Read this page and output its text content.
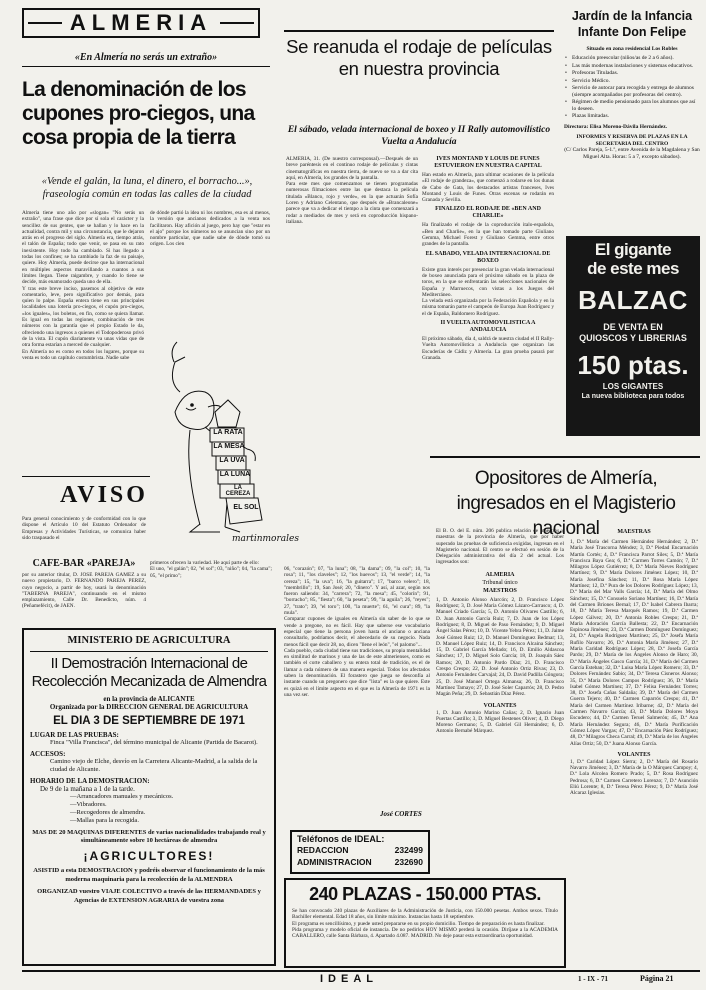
ALMERIA
«En Almería no serás un extraño»
La denominación de los cupones pro-ciegos, una cosa propia de la tierra
«Vende el galán, la luna, el dinero, el borracho...», fraseología común en todas las calles de la ciudad
Almería tiene uno año por «slogan» "No serás un extraño", una frase que dice por sí sola el carácter y la sencillez de sus gentes, que se hallan y lo hace en la actualidad, contra mil y una circunstancia, que le dejaron atrás en el progreso del siglo. Almería era, tiempo atrás, el talón de España; todo que venir, se pasa en su rato inexistente. Hoy todo ha cambiado. Si has llegado a todas los confines; se ha cambiado la faz de su paisaje, quiere. Hoy Almería, puede decirse que ha internacional en múltiples aspectos maravillando a cuantos a sus límites llegan. Tiene raigambre, y cuando lo tiene se decide, más enamorado queda uno de ella.
Y tras este breve inciso, pasemos al objetivo de este comentario, leve, pero significativo por demás, para quien lo palpe. España entera tiene en sus principales localidades una lotería pro-ciegos, el cupón pro-ciegos, «los iguales», los boletos, en fin, como se quiera llamar. Es igual en todas las regiones, combinación de tres números con la garantía que el propio Estado le da, ofreciendo una ingresos a quienes el Todopoderoso privó de la vista. El cupón diariamente va unas vidas que de otra forma estarían a merced de cualquier.
En Almería no es como en todos los lugares, porque su venta es todo un capítulo costumbrista. Nadie sabe
de dónde partió la idea ni los nombres, esa es al menos, la versión que ancianos dedicados a la venta nos facilitaron. Hay afición al juego, pero hay que "estar en el ajo" porque los números no se anuncian sino por un nombre particular, que nadie sabe de dónde tomó su origen. Los cien
LA RATA
LA MESA
LA UVA
LA LUNA
LA CEREZA
EL SOL
martinmorales
AVISO
Para general conocimiento y de conformidad con lo que dispone el Artículo 10 del Estatuto Ordenador de Empresas y Actividades Turísticas, se comunica haber sido traspasado el
CAFE-BAR «PAREJA»
por su anterior titular, D. JOSE PAREJA GAMEZ a su nuevo propietario, D. FERNANDO PAREJA PEREZ, cuyo negocio, a partir de hoy, usará la denominación "TABERNA PAREJA", continuando en el mismo emplazamiento, Calle Dr. Benedicto, núm. 4 (Peñamefécit), de JAEN.
primeros ofrecen la variedad. He aquí parte de ello:
El uno, "el galán"; 02, "el sol"; 03, "niño"; 04, "la cama"; 05, "el primo";
MINISTERIO DE AGRICULTURA
II Demostración Internacional de Recolección Mecanizada de Almendra
en la provincia de ALICANTE
Organizada por la DIRECCION GENERAL DE AGRICULTURA
EL DIA 3 DE SEPTIEMBRE DE 1971
LUGAR DE LAS PRUEBAS:
Finca "Villa Francisca", del término municipal de Alicante (Partida de Bacarot).
ACCESOS:
Camino viejo de Elche, desvío en la Carretera Alicante-Madrid, a la salida de la ciudad de Alicante.
HORARIO DE LA DEMOSTRACION:
De 9 de la mañana a 1 de la tarde.
—Arrancadores manuales y mecánicos.
—Vibradores.
—Recogedores de almendra.
—Mallas para la recogida.
MAS DE 20 MAQUINAS DIFERENTES de varias nacionalidades trabajando real y simultáneamente sobre 10 hectáreas de almendra
¡AGRICULTORES!
ASISTID a esta DEMOSTRACION y podréis observar el funcionamiento de la más moderna maquinaria para la recolección de la ALMENDRA
ORGANIZAD vuestro VIAJE COLECTIVO a través de las HERMANDADES y Agencias de EXTENSION AGRARIA de vuestra zona
Se reanuda el rodaje de películas en nuestra provincia
El sábado, velada internacional de boxeo y II Rally automovilístico Vuelta a Andalucía
ALMERIA, 31. (De nuestro corresponsal).—Después de un breve paréntesis en el continuo rodaje de películas y cintas cinematográficas en nuestra tierra, de nuevo se va a dar cita aquí, en Almería, los grandes de la pantalla.
Para este mes que comenzamos se tienen programadas numerosas filmaciones entre las que destaca la película titulada «Blanco, rojo y verde», en la que actuarán Sofía Loren y Adriano Celentano, que después de «Brancaleone» parece que va a dedicar el tiempo a la cinta que comenzará a rodar a mediados de mes y será en coproducción hispano-italiana.
IVES MONTAND Y LOUIS DE FUNES ESTUVIERON EN NUESTRA CAPITAL
Han estado en Almería, para ultimar ocasiones de la película «El rodaje de grandeza», que comenzó a rodarse en los dunas de Cabo de Gata, los destacados artistas franceses, Ives Montand y Louis de Funes. Otras escenas se rodarán en Granada y Sevilla.
FINALIZO EL RODAJE DE «BEN AND CHARLIE»
Ha finalizado el rodaje de la coproducción italo-española, «Ben and Charlie», en la que han tomado parte Giuliano Gemma, Michael Forest y Giuliano Gemma, entre otros grandes de la pantalla.
EL SABADO, VELADA INTERNACIONAL DE BOXEO
Existe gran interés por presenciar la gran velada internacional de boxeo anunciada para el próximo sábado en la plaza de toros, en la que se enfrentarán las selecciones nacionales de España y Marruecos, con vistas a los Juegos del Mediterráneo.
La velada está organizada por la Federación Española y en la misma tomarán parte el campeón de Europa Juan Rodríguez y el de España, Baldomero Rodríguez.
II VUELTA AUTOMOVILISTICA A ANDALUCIA
El próximo sábado, día 4, saldrá de nuestra ciudad el II Rally-Vuelta Automovilística a Andalucía que organizan las Escuderías de Cádiz y Almería. La gran prueba pasará por Granada.
06, "corazón"; 07, "la luna"; 08, "la dama"; 09, "la col"; 10, "la rosa"; 11, "los claveles"; 12, "los huevos"; 13, "el verde"; 14, "la cereza"; 15, "la uva"; 16, "la guitarra"; 17, "barco velero"; 18, "membrillo"; 19, San José; 20, "dinero". Y así, al azar, según nos fueron saliendo: 34, "carrera"; 72, "la mesa"; 45, "colorín"; 91, "borracho"; 85, "fiesta"; 60, "la peseta"; 99, "la aguila"; 26, "reyes"; 27, "trato"; 39, "el toro"; 100, "la muerte"; 61, "el cura"; 89, "la mula".
Comparar cupones de iguales en Almería sin saber de lo que se vende a pregone, no es fácil. Hay que saberse ese vocabulario especial que tiene la persona joven hasta el anciano o anciana consultarlo, podríamos decir, el abecedario de su negocio. Nada menos fácil que decir 28, no, dicen "llene el león", "el palomo"...
Cada pueblo, cada ciudad tiene sus tradiciones, su propia mentalidad en similitud de marinos y una de las de este almerienses, como es también el corte caballero y su entera total de tradición, es el de llamar a cada número de una manera especial. Todos los afectados saben la denominación. El forastero que juega se desconfía al instante cuando un pregonero que dice "lista" es la que quiere. Este es quizá en el límite aspecto en el que es la Almería de 1971 es la una vez ser.
José CORTES
Teléfonos de IDEAL:
REDACCION	232499
ADMINISTRACION	232690
Opositores de Almería, ingresados en el Magisterio nacional
El B. O. del E. núm. 206 publica relación de maestros y maestras de la provincia de Almería, que por haber superado las pruebas de suficiencia exigidas, ingresan en el Magisterio nacional. El centro se efectuó en sesión de la Delegación administrativa del día 2 del actual. Los ingresados son:
ALMERIA
Tribunal único
MAESTROS
1, D. Antonio Alonso Alarcón; 2, D. Francisco López Rodríguez; 3, D. José María Gómez Lázaro-Carrasco; 4, D. Manuel Criado García; 5, D. Antonio Olivares Castillo; 6, D. Juan Antonio García Ruiz; 7, D. Juan de los López Rodríguez; 8, D. Miguel de Paso Fernández; 9, D. Miguel Ángel Salas Pérez; 10, D. Vicente Yebra Pérez; 11, D. Jaime José Gómez Ruiz; 12, D. Manuel Domínguez Bedmar; 13, D. Manuel López Ruiz; 14, D. Francisco Alcaina Sánchez; 15, D. Gabriel García Mellado; 16, D. Emilio Aldascoa Sánchez; 17, D. Miguel Solo García; 18, D. Joaquín Sáez Ramos; 20, D. Antonio Pardo Díaz; 21, D. Francisco Crespo Crespo; 22, D. José Antonio Ortiz Rivas; 23, D. Antonio Fernández Carvajal; 24, D. David Padilla Góngora; 25, D. José Manuel Ortega Almansa; 26, D. Francisco Martínez Tamayo; 27, D. José Soler Caparrós; 28, D. Pedro Magán Peña; 29, D. Sebastián Díaz Pérez.
VOLANTES
1, D. Juan Antonio Marino Cañas; 2, D. Ignacio Juan Puertas Castillo; 3, D. Miguel Bestenes Oliver; 4, D. Diego Moreno Germano; 5, D. Gabriel Gil Hernández; 6, D. Antonio Bernabé Márquez.
MAESTRAS
1, D.ª María del Carmen Hernández Hernández; 2, D.ª María José Trascorna Méndez; 3, D.ª Piedad Encarnación Martín Cortés; 4, D.ª Francisca Parrot Siles; 5, D.ª María Francisca Baya Gea; 6, D.ª Carmen Torres Camón; 7, D.ª Milagros López Gutiérrez; 8, D.ª María Nieves Rodríguez Martínez; 9, D.ª María Dolores Jiménez López; 10, D.ª María Josefina Sánchez; 11, D.ª Rosa María López Martínez; 12, D.ª Pura de los Dolores Rodríguez López; 13, D.ª María del Mar Valls García; 14, D.ª María del Olmo Sánchez; 15, D.ª Consuelo Soriano Martínez; 16, D.ª María del Carmen Briones Bernal; 17, D.ª Isabel Cabrera Ibarra; 18, D.ª María Teresa Marqués Ramos; 19, D.ª Carmen López Gálvez; 20, D.ª Antonia Robles Crespo; 21, D.ª María Adoración García Ballesta; 22, D.ª Encarnación Espinosa Jiménez; 23, D.ª Carmen Domínguez Domínguez; 24, D.ª Ángela Rodríguez Martínez; 25, D.ª Josefa María Rufilo Navarro; 26, D.ª Antonia María Jiménez; 27, D.ª María Caridad Rodríguez López; 28, D.ª Josefa García Pardo; 29, D.ª María de los Ángeles Alonso de Haro; 30, D.ª María Ángeles Gasco García; 31, D.ª María del Carmen García Esteban; 32, D.ª Luisa María López Romero; 33, D.ª Dolores Fernández Sabio; 34, D.ª Teresa Cisneros Alonso; 35, D.ª María Dolores Campos Rodríguez; 36, D.ª María Isabel Gómez Martínez; 37, D.ª Felisa Fernández Torres; 38, D.ª Josefa Cañas Saldaña; 39, D.ª María del Carmen Guerra Tejero; 40, D.ª Carmen Caparrós Crespo; 41, D.ª María del Carmen Martínez Iribarne; 42, D.ª María del Carmen Navarro García; 43, D.ª María Dolores Moya Escudero; 44, D.ª Carmen Teruel Salmerón; 45, D.ª Ana María Hernández Segura; 46, D.ª María Purificación Gómez López Vargas; 47, D.ª Encarnación Páez Rodríguez; 48, D.ª Milagros Checa Carral; 49, D.ª María de los Ángeles Alías Ortiz; 50, D.ª Juana Alonso García.
VOLANTES
1, D.ª Caridad López Sierra; 2, D.ª María del Rosario Navarro Jiménez; 3, D.ª María de la O Márquez Campoy; 4, D.ª Lola Alcolea Romero Prado; 5, D.ª Rosa Rodríguez Pedrosa; 6, D.ª Carmen Carretero Lorenzo; 7, D.ª Asunción Eliú Lorente; 8, D.ª Teresa Pérez Pérez; 9, D.ª María José Alcaraz Iglesias.
240 PLAZAS - 150.000 PTAS.
Se han convocado 240 plazas de Auxiliares de la Administración de Justicia, con 150.000 pesetas. Ambos sexos. Título Bachiller elemental. Edad 18 años, sin límite máximo. Instancias hasta 18 septiembre.
El programa es sencillísimo, y puede usted prepararse en su propio domicilio. Tiempo de preparación es hasta finalizar.
Pida programa y modelo oficial de instancia. De no pedirlos HOY MISMO perderá la ocasión. Diríjase a la ACADEMIA CABALLERO, calle Santa Bárbara, 4. Apartado 4.087. MADRID. No deje pasar esta extraordinaria oportunidad.
Jardín de la Infancia Infante Don Felipe
Situado en zona residencial Los Robles
• Educación preescolar (niños/as de 2 a 6 años).
• Las más modernas instalaciones y sistemas educativos.
• Profesoras Tituladas.
• Servicio Médico.
• Servicio de autocar para recogida y entrega de alumnos (siempre acompañados por profesoras del centro).
• Régimen de medio pensionado para los alumnos que así lo deseen.
• Plazas limitadas.
Directora: Elisa Moreno-Dávila Hernández.
INFORMES Y RESERVA DE PLAZAS EN LA SECRETARIA DEL CENTRO
(C/ Carlos Pareja, 5-1.º, entre Avenida de la Magdalena y San Miguel Alta. Horas: 5 a 7, excepto sábados).
El gigante
de este mes
BALZAC
DE VENTA EN
QUIOSCOS Y LIBRERIAS
150 ptas.
LOS GIGANTES
La nueva biblioteca para todos
IDEAL	1 - IX - 71	Página 21
